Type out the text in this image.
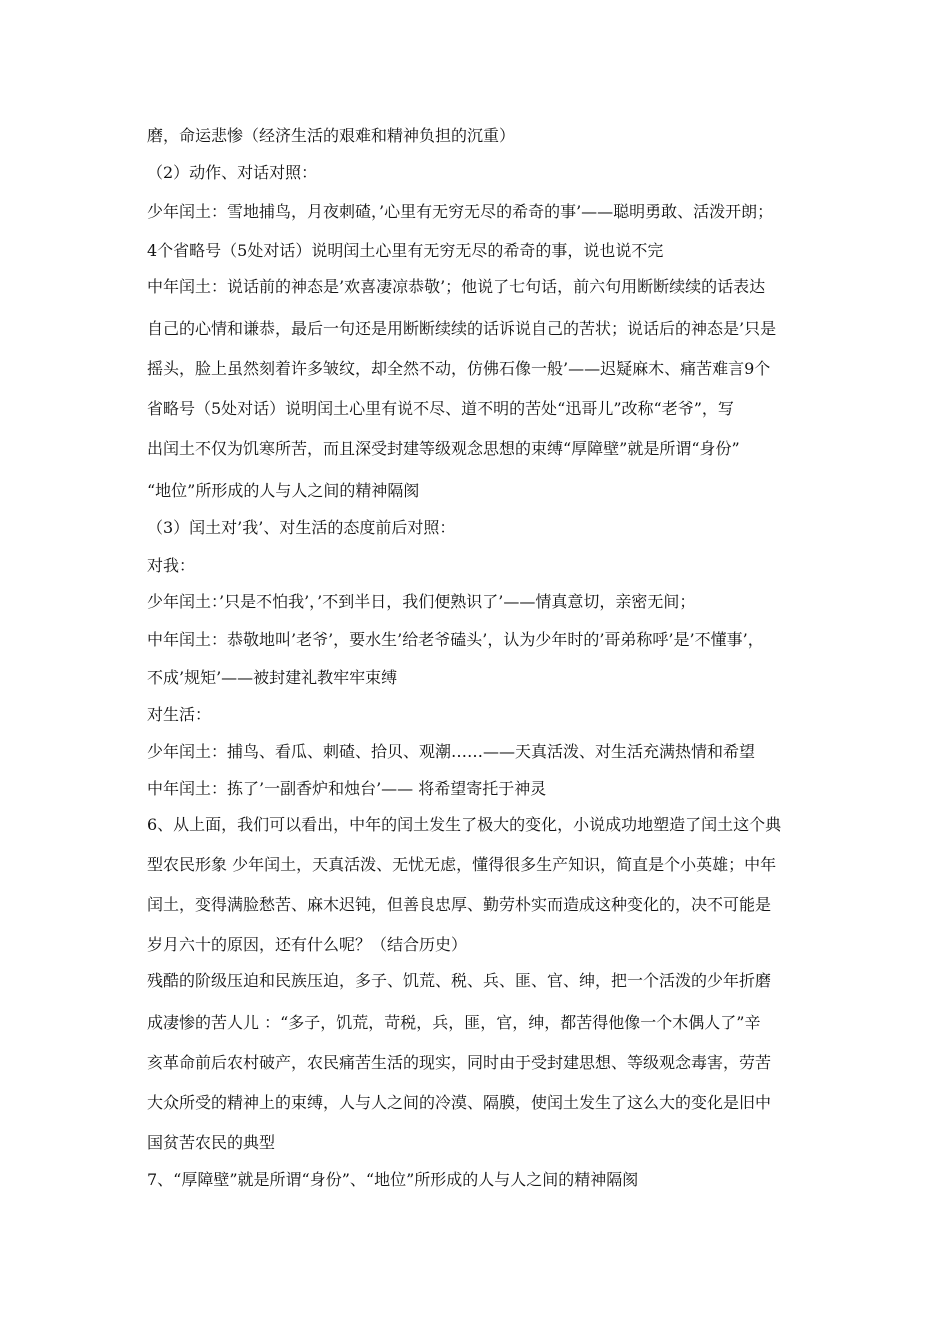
磨，命运悲惨（经济生活的艰难和精神负担的沉重）
（2）动作、对话对照：
少年闰土：雪地捕鸟，月夜刺碴，’心里有无穷无尽的希奇的事’——聪明勇敢、活泼开朗；
4个省略号（5处对话）说明闰土心里有无穷无尽的希奇的事，说也说不完
中年闰土：说话前的神态是’欢喜凄凉恭敬’；他说了七句话，前六句用断断续续的话表达
自己的心情和谦恭，最后一句还是用断断续续的话诉说自己的苦状；说话后的神态是’只是
摇头，脸上虽然刻着许多皱纹，却全然不动，仿佛石像一般’——迟疑麻木、痛苦难言9个
省略号（5处对话）说明闰土心里有说不尽、道不明的苦处“迅哥儿”改称“老爷”，写
出闰土不仅为饥寒所苦，而且深受封建等级观念思想的束缚“厚障壁”就是所谓“身份”
“地位”所形成的人与人之间的精神隔阂
（3）闰土对’我’、对生活的态度前后对照：
对我：
少年闰土：’只是不怕我’，’不到半日，我们便熟识了’——情真意切，亲密无间；
中年闰土：恭敬地叫’老爷’，要水生’给老爷磕头’，认为少年时的’哥弟称呼’是’不懂事’，
不成’规矩’——被封建礼教牢牢束缚
对生活：
少年闰土：捕鸟、看瓜、刺碴、拾贝、观潮……——天真活泼、对生活充满热情和希望
中年闰土：拣了’一副香炉和烛台’—— 将希望寄托于神灵
6、从上面，我们可以看出，中年的闰土发生了极大的变化，小说成功地塑造了闰土这个典
型农民形象 少年闰土，天真活泼、无忧无虑，懂得很多生产知识，简直是个小英雄；中年
闰土，变得满脸愁苦、麻木迟钝，但善良忠厚、勤劳朴实而造成这种变化的，决不可能是
岁月六十的原因，还有什么呢？（结合历史）
残酷的阶级压迫和民族压迫，多子、饥荒、税、兵、匪、官、绅，把一个活泼的少年折磨
成凄惨的苦人儿 ：“多子，饥荒，苛税，兵，匪，官，绅，都苦得他像一个木偶人了”辛
亥革命前后农村破产，农民痛苦生活的现实，同时由于受封建思想、等级观念毒害，劳苦
大众所受的精神上的束缚，人与人之间的冷漠、隔膜，使闰土发生了这么大的变化是旧中
国贫苦农民的典型
7、“厚障壁”就是所谓“身份”、“地位”所形成的人与人之间的精神隔阂
